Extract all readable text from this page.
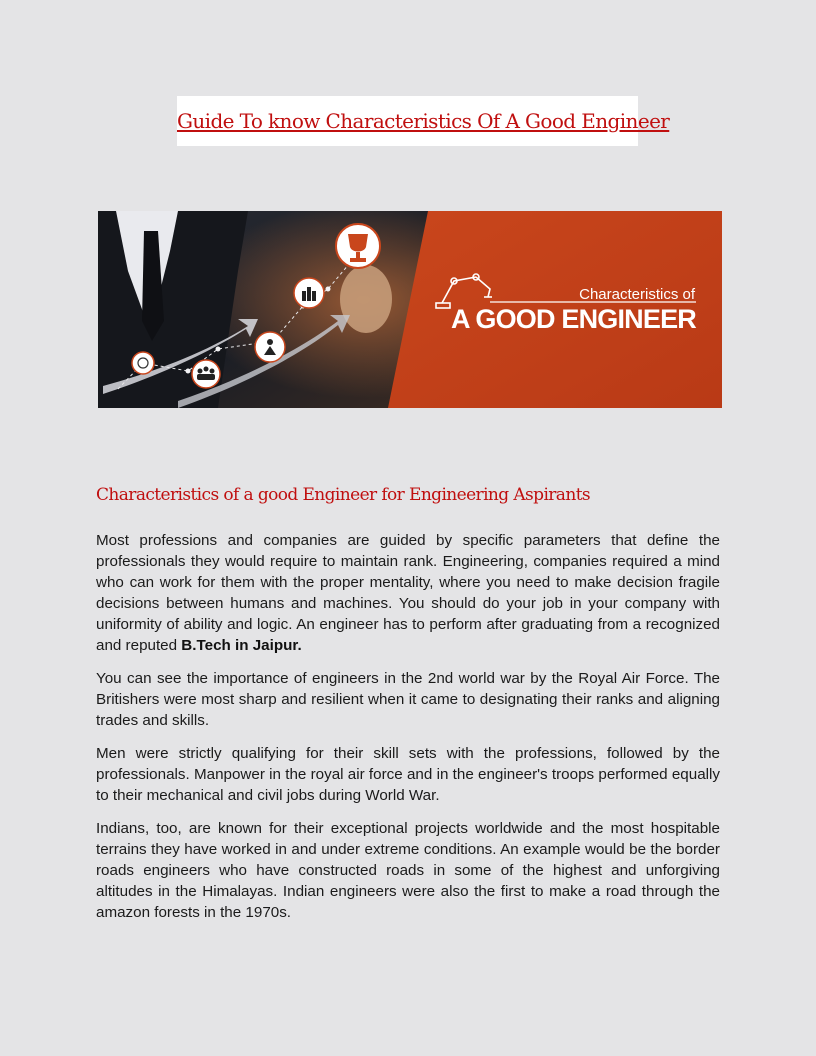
Guide To know Characteristics Of A Good Engineer
Characteristics of
A GOOD ENGINEER
Characteristics of a good Engineer for Engineering Aspirants

Most professions and companies are guided by specific parameters that define the professionals they would require to maintain rank. Engineering, companies required a mind who can work for them with the proper mentality, where you need to make decision fragile decisions between humans and machines. You should do your job in your company with uniformity of ability and logic. An engineer has to perform after graduating from a recognized and reputed B.Tech in Jaipur.

You can see the importance of engineers in the 2nd world war by the Royal Air Force. The Britishers were most sharp and resilient when it came to designating their ranks and aligning trades and skills.

Men were strictly qualifying for their skill sets with the professions, followed by the professionals. Manpower in the royal air force and in the engineer's troops performed equally to their mechanical and civil jobs during World War.

Indians, too, are known for their exceptional projects worldwide and the most hospitable terrains they have worked in and under extreme conditions. An example would be the border roads engineers who have constructed roads in some of the highest and unforgiving altitudes in the Himalayas. Indian engineers were also the first to make a road through the amazon forests in the 1970s.
